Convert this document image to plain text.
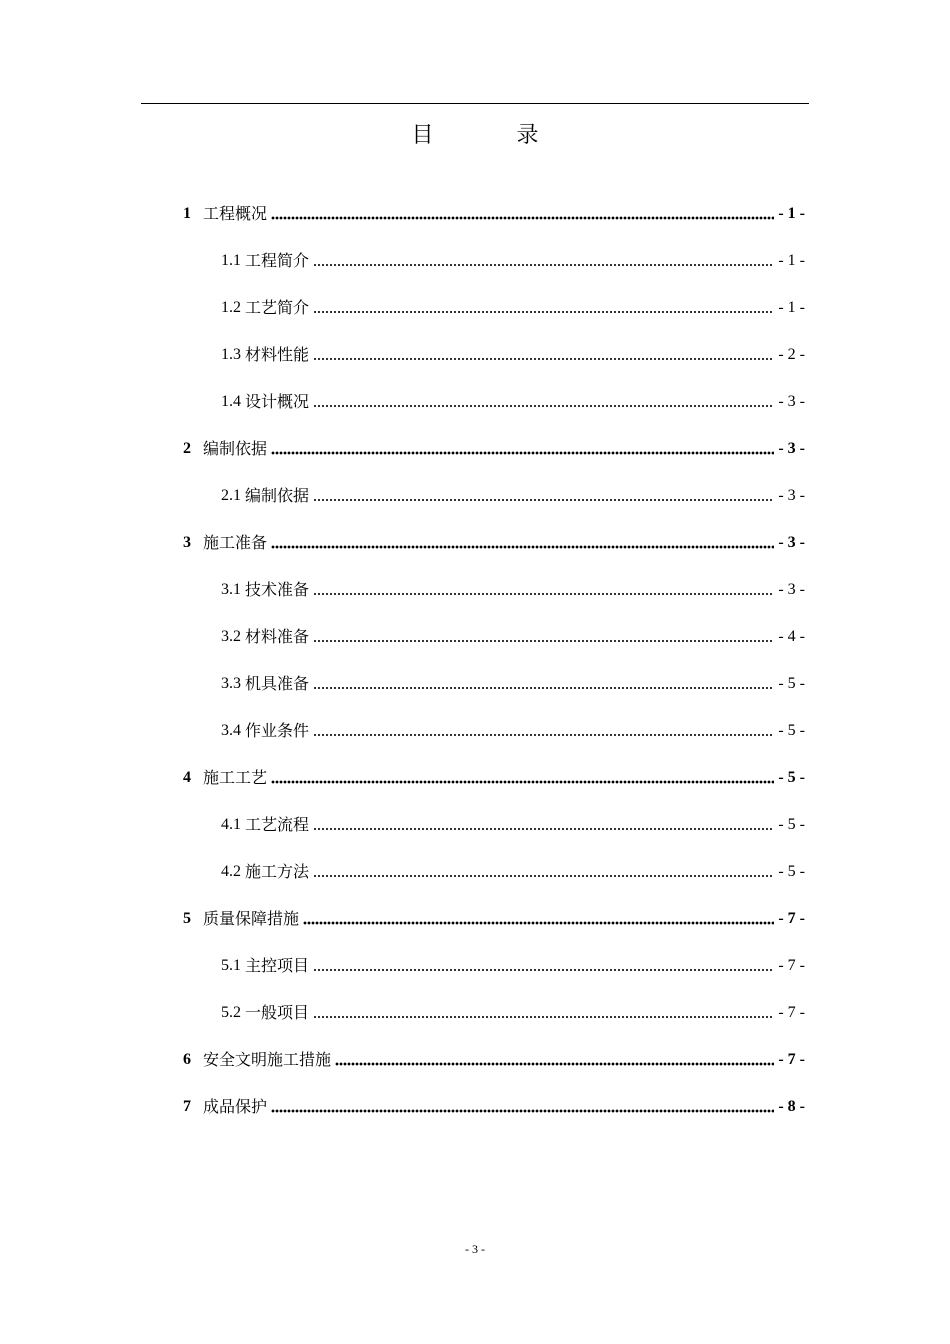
目 录
1 工程概况	- 1 -
1.1 工程简介	- 1 -
1.2 工艺简介	- 1 -
1.3 材料性能	- 2 -
1.4 设计概况	- 3 -
2 编制依据	- 3 -
2.1 编制依据	- 3 -
3 施工准备	- 3 -
3.1 技术准备	- 3 -
3.2 材料准备	- 4 -
3.3 机具准备	- 5 -
3.4 作业条件	- 5 -
4 施工工艺	- 5 -
4.1 工艺流程	- 5 -
4.2 施工方法	- 5 -
5 质量保障措施	- 7 -
5.1 主控项目	- 7 -
5.2 一般项目	- 7 -
6 安全文明施工措施	- 7 -
7 成品保护	- 8 -
- 3 -
